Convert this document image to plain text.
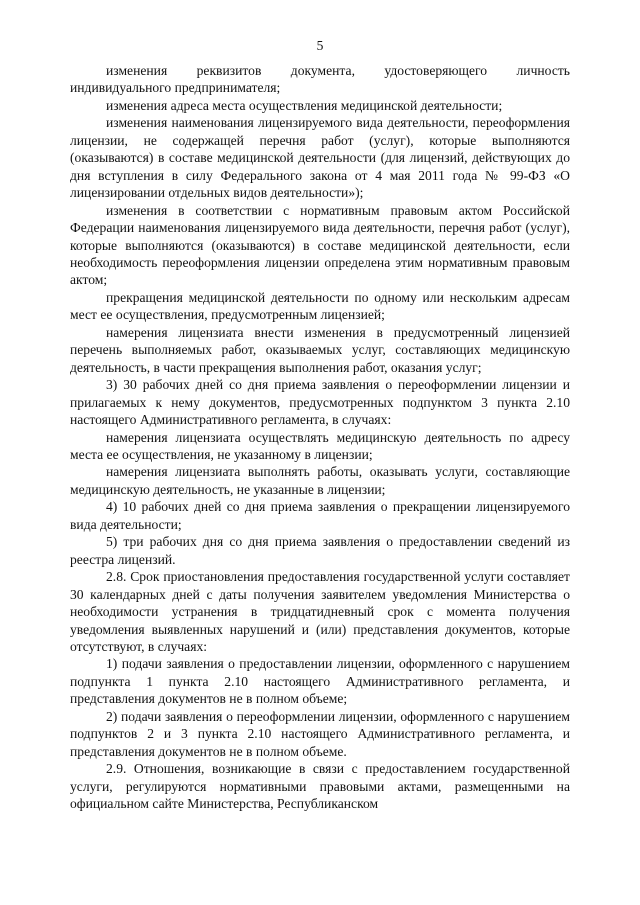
5

изменения реквизитов документа, удостоверяющего личность индивидуального предпринимателя;

изменения адреса места осуществления медицинской деятельности;

изменения наименования лицензируемого вида деятельности, переоформления лицензии, не содержащей перечня работ (услуг), которые выполняются (оказываются) в составе медицинской деятельности (для лицензий, действующих до дня вступления в силу Федерального закона от 4 мая 2011 года № 99-ФЗ «О лицензировании отдельных видов деятельности»);

изменения в соответствии с нормативным правовым актом Российской Федерации наименования лицензируемого вида деятельности, перечня работ (услуг), которые выполняются (оказываются) в составе медицинской деятельности, если необходимость переоформления лицензии определена этим нормативным правовым актом;

прекращения медицинской деятельности по одному или нескольким адресам мест ее осуществления, предусмотренным лицензией;

намерения лицензиата внести изменения в предусмотренный лицензией перечень выполняемых работ, оказываемых услуг, составляющих медицинскую деятельность, в части прекращения выполнения работ, оказания услуг;

3) 30 рабочих дней со дня приема заявления о переоформлении лицензии и прилагаемых к нему документов, предусмотренных подпунктом 3 пункта 2.10 настоящего Административного регламента, в случаях:

намерения лицензиата осуществлять медицинскую деятельность по адресу места ее осуществления, не указанному в лицензии;

намерения лицензиата выполнять работы, оказывать услуги, составляющие медицинскую деятельность, не указанные в лицензии;

4) 10 рабочих дней со дня приема заявления о прекращении лицензируемого вида деятельности;

5) три рабочих дня со дня приема заявления о предоставлении сведений из реестра лицензий.

2.8. Срок приостановления предоставления государственной услуги составляет 30 календарных дней с даты получения заявителем уведомления Министерства о необходимости устранения в тридцатидневный срок с момента получения уведомления выявленных нарушений и (или) представления документов, которые отсутствуют, в случаях:

1) подачи заявления о предоставлении лицензии, оформленного с нарушением подпункта 1 пункта 2.10 настоящего Административного регламента, и представления документов не в полном объеме;

2) подачи заявления о переоформлении лицензии, оформленного с нарушением подпунктов 2 и 3 пункта 2.10 настоящего Административного регламента, и представления документов не в полном объеме.

2.9. Отношения, возникающие в связи с предоставлением государственной услуги, регулируются нормативными правовыми актами, размещенными на официальном сайте Министерства, Республиканском
